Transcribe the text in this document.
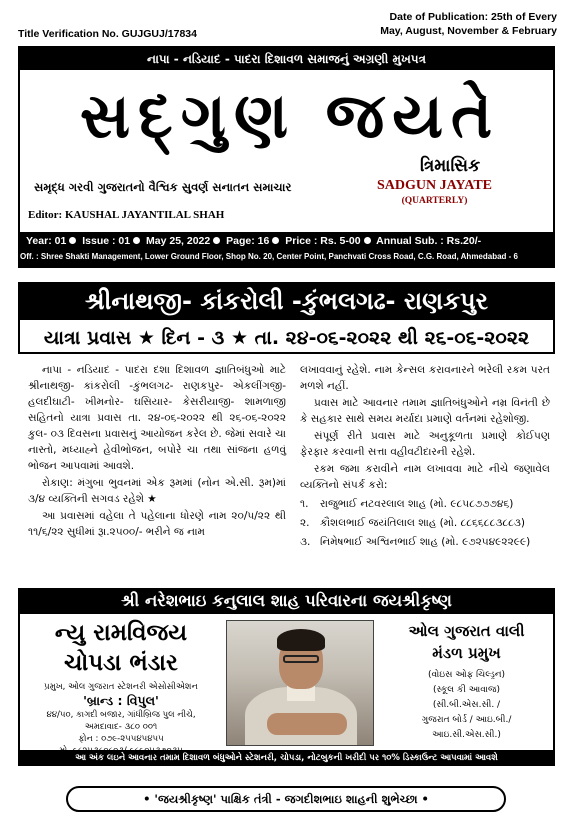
Title Verification No. GUJGUJ/17834
Date of Publication: 25th of Every
May, August, November & February
નાપા - નડિયાદ - પાદરા દિશાવળ સમાજનું અગ્રણી મુખપત્ર
સદ્ગુણ જયતે
ત્રિમાસિક
સમૃદ્ધ ગરવી ગુજરાતનો વૈશ્વિક સુવર્ણ સનાતન સમાચાર	SADGUN JAYATE
(QUARTERLY)
Editor: KAUSHAL JAYANTILAL SHAH
Year: 01 Issue : 01 May 25, 2022 Page: 16 Price : Rs. 5-00 Annual Sub. : Rs.20/-
Off. : Shree Shakti Management, Lower Ground Floor, Shop No. 20, Center Point, Panchvati Cross Road, C.G. Road, Ahmedabad - 6
શ્રીનાથજી- કાંકરોલી -કુંભલગઢ- રાણકપુર
યાત્રા પ્રવાસ ★ દિન - ૩ ★ તા. ૨૪-૦૬-૨૦૨૨ થી ૨૬-૦૬-૨૦૨૨

નાપા - નડિયાદ - પાદરા દશા દિશાવળ જ્ઞાતિબંધુઓ માટે શ્રીનાથજી- કાંકરોલી -કુંભલગઢ- રાણકપુર- એકલીંગજી-હલદીઘાટી- ખીમનોર- ઘસિયાર- કેસરીયાજી- શામળાજી સહિતનો યાત્રા પ્રવાસ તા. ૨૪-૦૬-૨૦૨૨ થી ૨૬-૦૬-૨૦૨૨ કુલ- ૦૩ દિવસના પ્રવાસનું આયોજન કરેલ છે. જેમાં સવારે ચા નાસ્તો, મધ્યાહ્ને હેવીભોજન, બપોરે ચા તથા સાંજના હળવું ભોજન આપવામાં આવશે.

રોકાણ: મંગુબા ભુવનમાં એક રૂમમાં (નોન એ.સી. રૂમ)માં ૩/૪ વ્યક્તિની સગવડ રહેશે ★

આ પ્રવાસમાં વહેલા તે પહેલાના ધોરણે નામ ૨૦/૫/૨૨ થી ૧૧/૬/૨૨ સુધીમાં રૂા.૨૫૦૦/- ભરીને જ નામ

લખાવવાનું રહેશે. નામ કેન્સલ કરાવનારને ભરેલી રકમ પરત મળશે નહીં.

પ્રવાસ માટે આવનાર તમામ જ્ઞાતિબંધુઓને નમ્ર વિનંતી છે કે સહકાર સાથે સમય મર્યાદા પ્રમાણે વર્તનમાં રહેશોજી.

સંપૂર્ણ રીતે પ્રવાસ માટે અનુકૂળતા પ્રમાણે કોઈપણ ફેરફાર કરવાની સત્તા વહીવટીદારની રહેશે.

રકમ જમા કરાવીને નામ લખાવવા માટે નીચે જણાવેલ વ્યક્તિનો સંપર્ક કરો:

૧.	રાજુભાઈ નટવરલાલ શાહ (મો. ૯૮૫૮૭૭૭૪૬)
૨. કૌશલભાઈ જયંતિલાલ શાહ (મો. ૮૮૬૬૮૮૩૮૮૩)
૩. નિમેષભાઈ અશ્વિનભાઈ શાહ (મો. ૯૭૨૫૪૯૨૨૯૯)
શ્રી નરેશભાઇ કનુલાલ શાહ પરિવારના જયશ્રીકૃષ્ણ
ન્યુ રામવિજય
ચોપડા ભંડાર
પ્રમુખ, ઓલ ગુજરાત સ્ટેશનરી એસોસીએશન
'બ્રાન્ડ : વિપુલ'
૪૪/૫૦, કાગદી બજાર, ગાંધીબ્રિજ પુલ નીચે,
અમદાવાદ- ૩૮૦ ૦૦૧
ફોન : ૦૭૯-૨૫૫૪૫૪૫૫
ઓલ ગુજરાત વાલી
મંડળ પ્રમુખ
(વોઇસ ઓફ ચિલ્ડ્રન)
(સ્કૂલ કી આવાજ)
(સી.બી.એસ.સી. /
ગુજરાત બોર્ડ / આઇ.બી./
આઇ.સી.એસ.સી.)
આ અંક લઇને આવનાર તમામ દિશાવળ બંધુઓને સ્ટેશનરી, ચોપડા, નોટબુકની ખરીદી પર ૧૦% ડિસ્કાઉન્ટ આપવામાં આવશે
• 'જયશ્રીકૃષ્ણ' પાક્ષિક તંત્રી - જગદીશભાઇ શાહની શુભેચ્છા •
